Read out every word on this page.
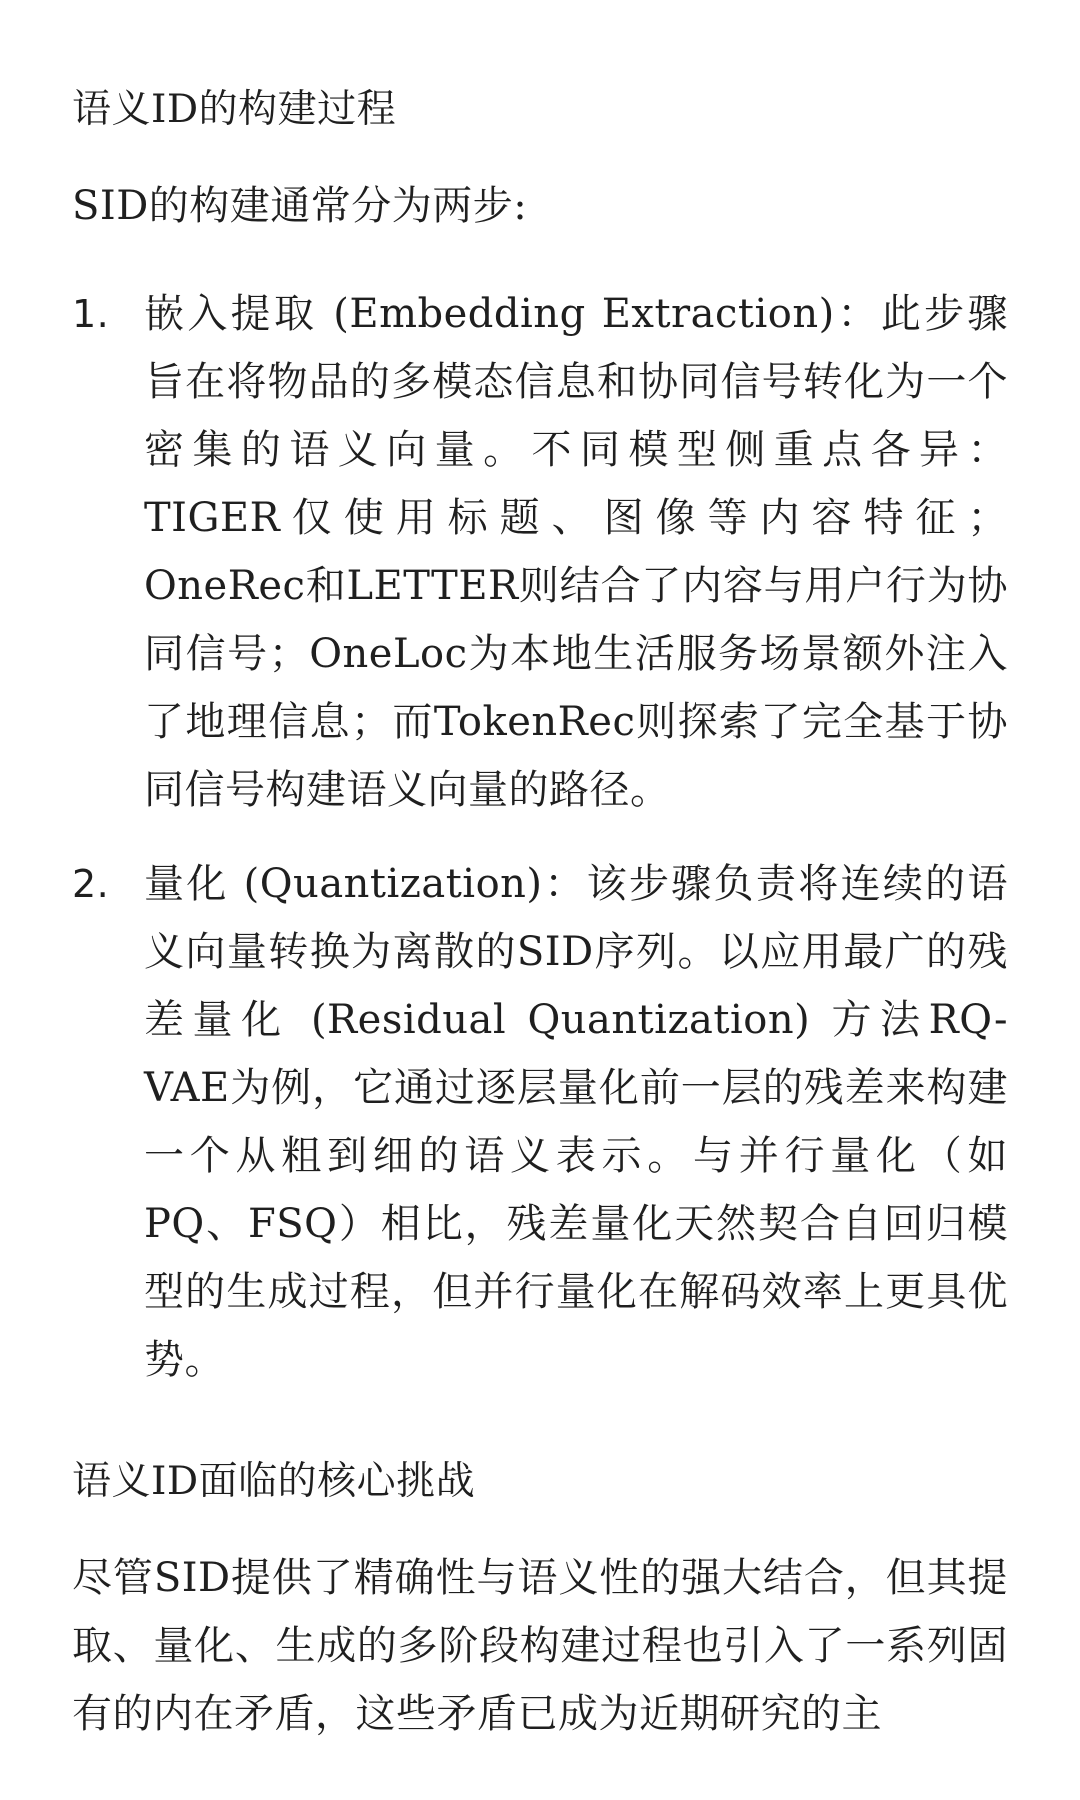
语义ID的构建过程

SID的构建通常分为两步:

1. 嵌入提取 (Embedding Extraction)：此步骤旨在将物品的多模态信息和协同信号转化为一个密集的语义向量。不同模型侧重点各异：TIGER仅使用标题、图像等内容特征；OneRec和LETTER则结合了内容与用户行为协同信号；OneLoc为本地生活服务场景额外注入了地理信息；而TokenRec则探索了完全基于协同信号构建语义向量的路径。
2. 量化 (Quantization)：该步骤负责将连续的语义向量转换为离散的SID序列。以应用最广的残差量化 (Residual Quantization) 方法RQ-VAE为例，它通过逐层量化前一层的残差来构建一个从粗到细的语义表示。与并行量化（如PQ、FSQ）相比，残差量化天然契合自回归模型的生成过程，但并行量化在解码效率上更具优势。
语义ID面临的核心挑战

尽管SID提供了精确性与语义性的强大结合，但其提取、量化、生成的多阶段构建过程也引入了一系列固有的内在矛盾，这些矛盾已成为近期研究的主
